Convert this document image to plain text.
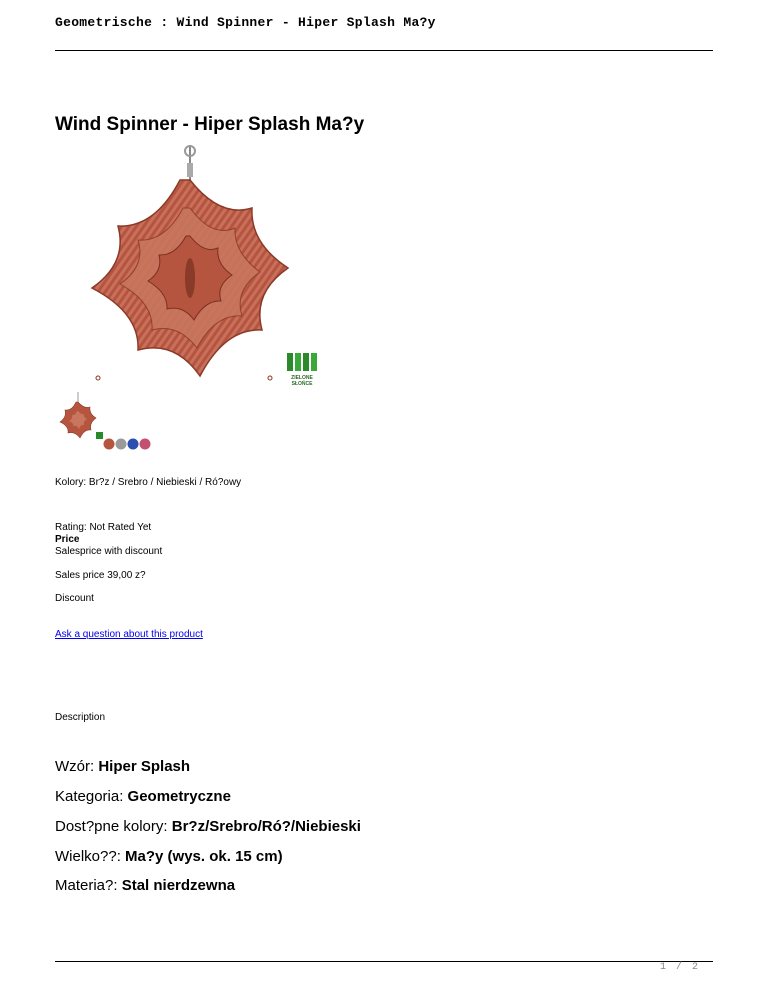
Geometrische : Wind Spinner - Hiper Splash Ma?y
Wind Spinner - Hiper Splash Ma?y
ZIELONE
SŁOŃCE
Kolory: Br?z / Srebro / Niebieski / Ró?owy
Rating: Not Rated Yet
Price
Salesprice with discount
Sales price 39,00 z?
Discount
Ask a question about this product
Description
Wzór: Hiper Splash
Kategoria: Geometryczne
Dost?pne kolory: Br?z/Srebro/Ró?/Niebieski
Wielko??: Ma?y (wys. ok. 15 cm)
Materia?: Stal nierdzewna
1 / 2
